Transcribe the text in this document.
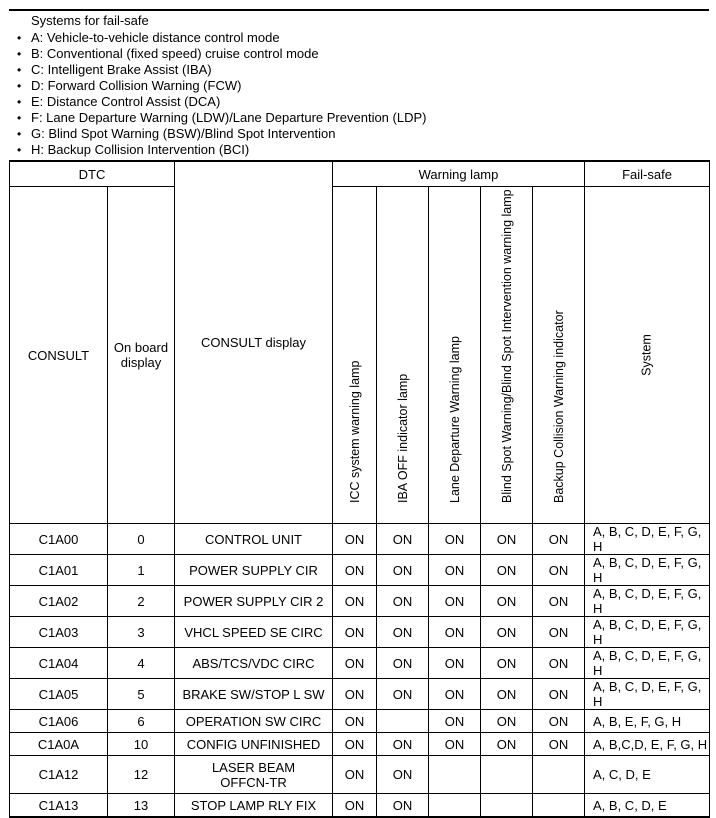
Systems for fail-safe
• A: Vehicle-to-vehicle distance control mode
• B: Conventional (fixed speed) cruise control mode
• C: Intelligent Brake Assist (IBA)
• D: Forward Collision Warning (FCW)
• E: Distance Control Assist (DCA)
• F: Lane Departure Warning (LDW)/Lane Departure Prevention (LDP)
• G: Blind Spot Warning (BSW)/Blind Spot Intervention
• H: Backup Collision Intervention (BCI)
DTC		CONSULT display	Warning lamp					Fail-safe
CONSULT	On board display		ICC system warning lamp	IBA OFF indicator lamp	Lane Departure Warning lamp	Blind Spot Warning/Blind Spot Intervention warning lamp	Backup Collision Warning indicator	System

C1A00	0	CONTROL UNIT	ON	ON	ON	ON	ON	A, B, C, D, E, F, G, H
C1A01	1	POWER SUPPLY CIR	ON	ON	ON	ON	ON	A, B, C, D, E, F, G, H
C1A02	2	POWER SUPPLY CIR 2	ON	ON	ON	ON	ON	A, B, C, D, E, F, G, H
C1A03	3	VHCL SPEED SE CIRC	ON	ON	ON	ON	ON	A, B, C, D, E, F, G, H
C1A04	4	ABS/TCS/VDC CIRC	ON	ON	ON	ON	ON	A, B, C, D, E, F, G, H
C1A05	5	BRAKE SW/STOP L SW	ON	ON	ON	ON	ON	A, B, C, D, E, F, G, H
C1A06	6	OPERATION SW CIRC	ON		ON	ON	ON	A, B, E, F, G, H
C1A0A	10	CONFIG UNFINISHED	ON	ON	ON	ON	ON	A, B,C,D, E, F, G, H
C1A12	12	LASER BEAM OFFCN-TR	ON	ON				A, C, D, E
C1A13	13	STOP LAMP RLY FIX	ON	ON				A, B, C, D, E
